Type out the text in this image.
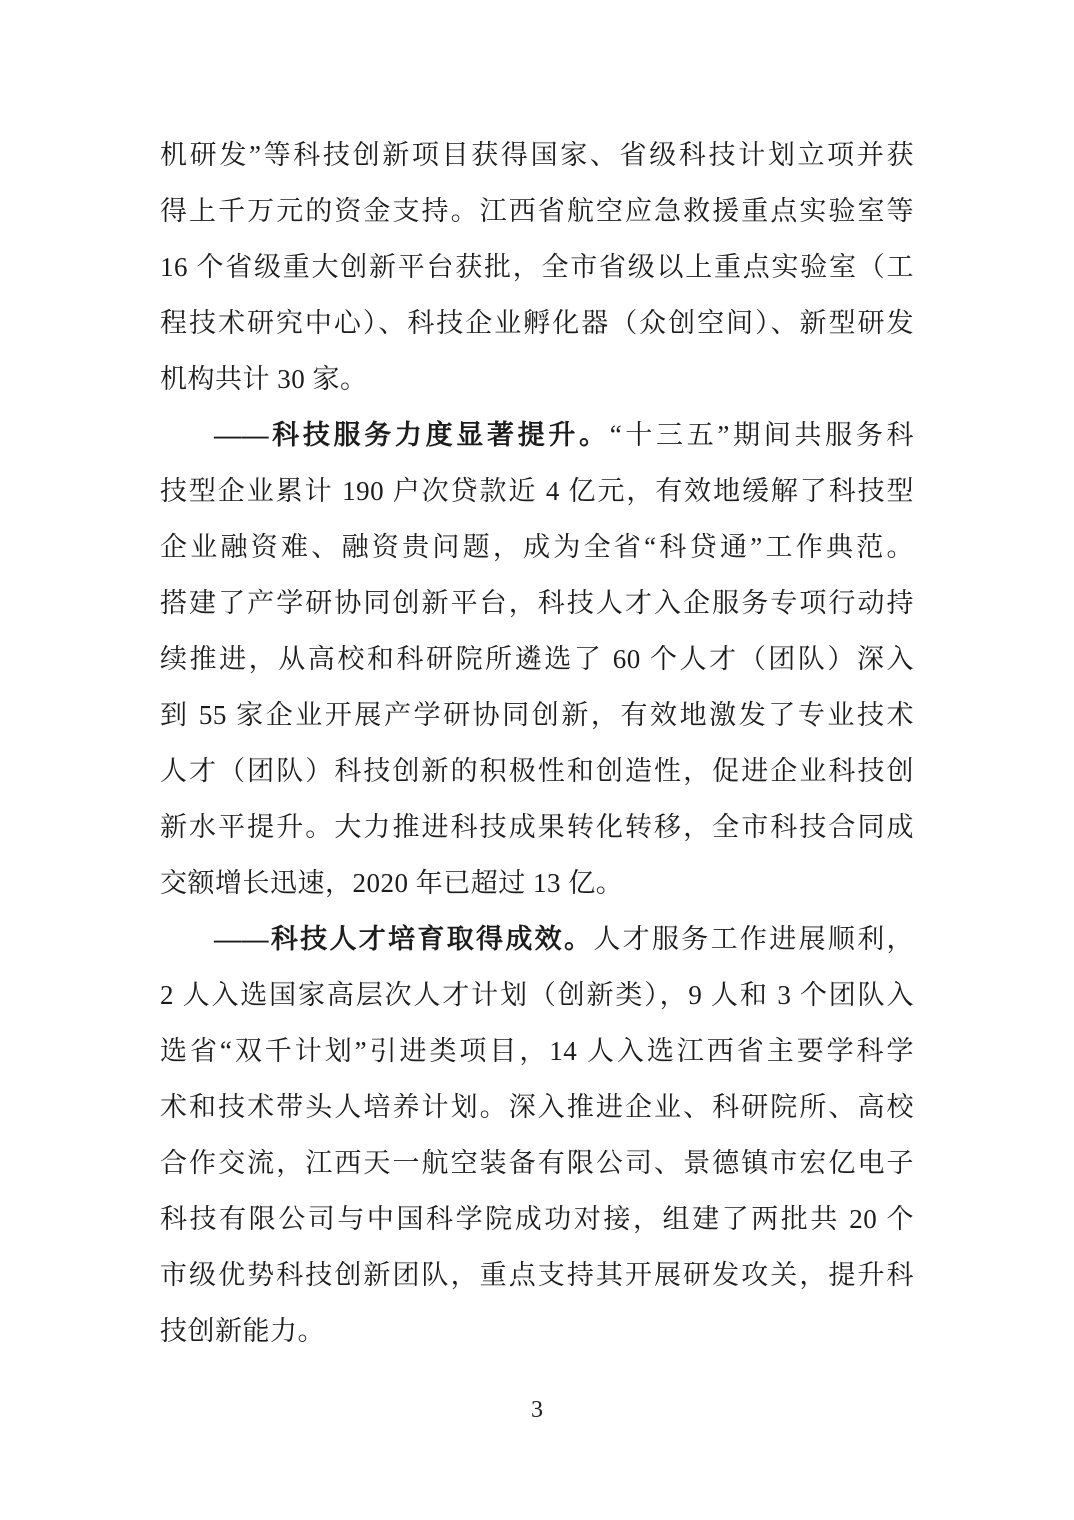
机研发”等科技创新项目获得国家、省级科技计划立项并获
得上千万元的资金支持。江西省航空应急救援重点实验室等
16 个省级重大创新平台获批，全市省级以上重点实验室（工
程技术研究中心）、科技企业孵化器（众创空间）、新型研发
机构共计 30 家。
——科技服务力度显著提升。“十三五”期间共服务科
技型企业累计 190 户次贷款近 4 亿元，有效地缓解了科技型
企业融资难、融资贵问题，成为全省“科贷通”工作典范。
搭建了产学研协同创新平台，科技人才入企服务专项行动持
续推进，从高校和科研院所遴选了 60 个人才（团队）深入
到 55 家企业开展产学研协同创新，有效地激发了专业技术
人才（团队）科技创新的积极性和创造性，促进企业科技创
新水平提升。大力推进科技成果转化转移，全市科技合同成
交额增长迅速，2020 年已超过 13 亿。
——科技人才培育取得成效。人才服务工作进展顺利，
2 人入选国家高层次人才计划（创新类），9 人和 3 个团队入
选省“双千计划”引进类项目，14 人入选江西省主要学科学
术和技术带头人培养计划。深入推进企业、科研院所、高校
合作交流，江西天一航空装备有限公司、景德镇市宏亿电子
科技有限公司与中国科学院成功对接，组建了两批共 20 个
市级优势科技创新团队，重点支持其开展研发攻关，提升科
技创新能力。
3
